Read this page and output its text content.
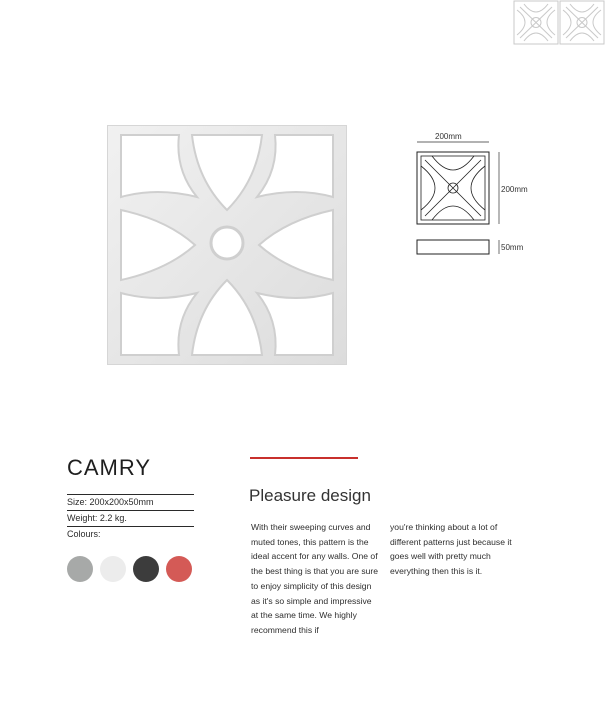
200mm
200mm
50mm
CAMRY
Size: 200x200x50mm
Weight: 2.2 kg.
Colours:
Pleasure design
With their sweeping curves and muted tones, this pattern is the ideal accent for any walls. One of the best thing is that you are sure to enjoy simplicity of this design as it's so simple and impressive at the same time. We highly recommend this if
you're thinking about a lot of different patterns just because it goes well with pretty much everything then this is it.
